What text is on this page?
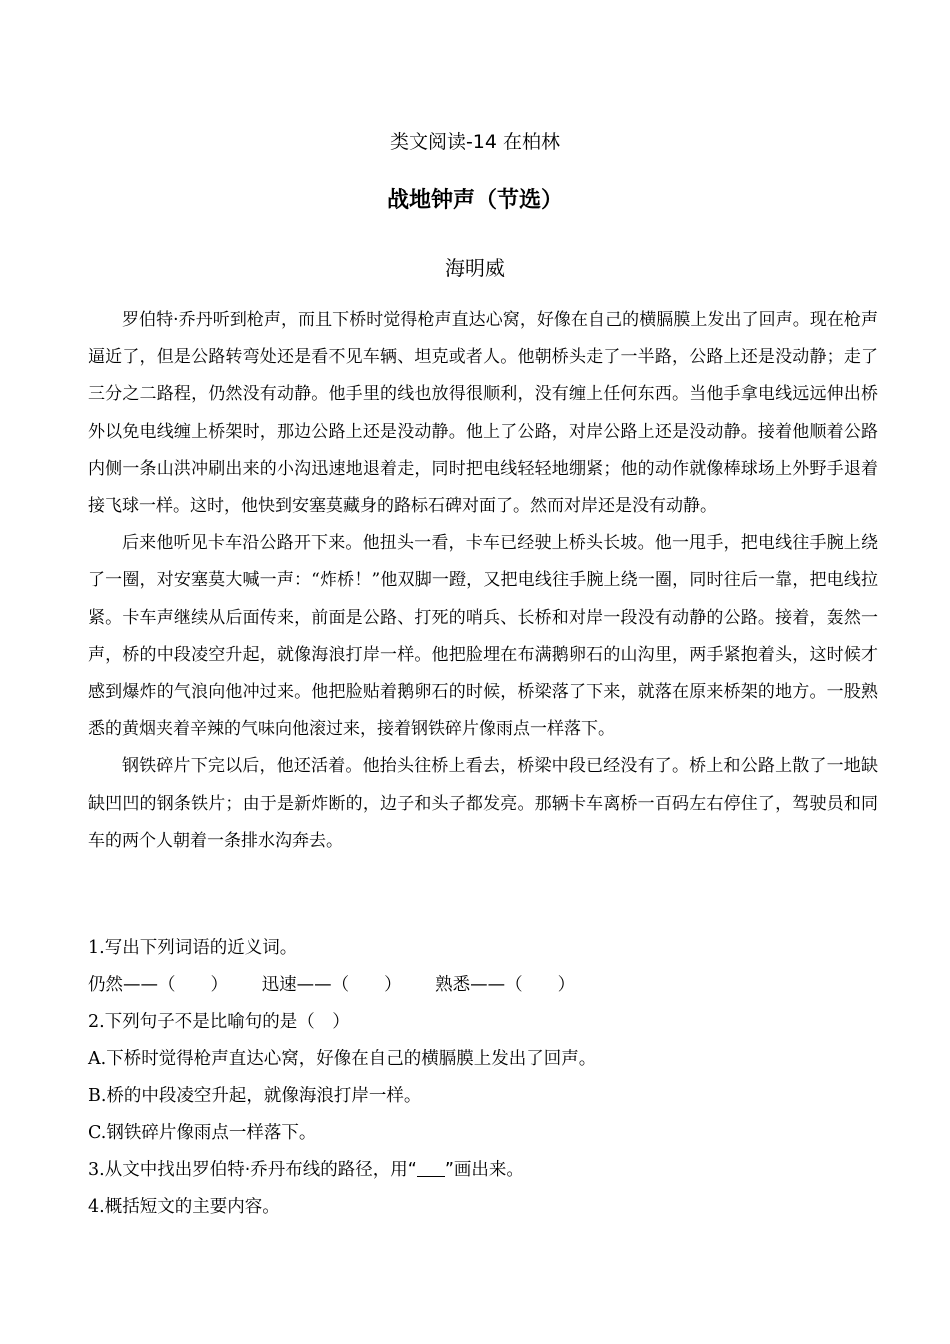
类文阅读-14 在柏林
战地钟声（节选）
海明威

罗伯特·乔丹听到枪声，而且下桥时觉得枪声直达心窝，好像在自己的横膈膜上发出了回声。现在枪声逼近了，但是公路转弯处还是看不见车辆、坦克或者人。他朝桥头走了一半路，公路上还是没动静；走了三分之二路程，仍然没有动静。他手里的线也放得很顺利，没有缠上任何东西。当他手拿电线远远伸出桥外以免电线缠上桥架时，那边公路上还是没动静。他上了公路，对岸公路上还是没动静。接着他顺着公路内侧一条山洪冲刷出来的小沟迅速地退着走，同时把电线轻轻地绷紧；他的动作就像棒球场上外野手退着接飞球一样。这时，他快到安塞莫藏身的路标石碑对面了。然而对岸还是没有动静。

后来他听见卡车沿公路开下来。他扭头一看，卡车已经驶上桥头长坡。他一甩手，把电线往手腕上绕了一圈，对安塞莫大喊一声：“炸桥！”他双脚一蹬，又把电线往手腕上绕一圈，同时往后一靠，把电线拉紧。卡车声继续从后面传来，前面是公路、打死的哨兵、长桥和对岸一段没有动静的公路。接着，轰然一声，桥的中段凌空升起，就像海浪打岸一样。他把脸埋在布满鹅卵石的山沟里，两手紧抱着头，这时候才感到爆炸的气浪向他冲过来。他把脸贴着鹅卵石的时候，桥梁落了下来，就落在原来桥架的地方。一股熟悉的黄烟夹着辛辣的气味向他滚过来，接着钢铁碎片像雨点一样落下。

钢铁碎片下完以后，他还活着。他抬头往桥上看去，桥梁中段已经没有了。桥上和公路上散了一地缺缺凹凹的钢条铁片；由于是新炸断的，边子和头子都发亮。那辆卡车离桥一百码左右停住了，驾驶员和同车的两个人朝着一条排水沟奔去。

1.写出下列词语的近义词。
仍然——（　　） 迅速——（　　） 熟悉——（　　）
2.下列句子不是比喻句的是（　）
A.下桥时觉得枪声直达心窝，好像在自己的横膈膜上发出了回声。
B.桥的中段凌空升起，就像海浪打岸一样。
C.钢铁碎片像雨点一样落下。
3.从文中找出罗伯特·乔丹布线的路径，用“ ”画出来。
4.概括短文的主要内容。
